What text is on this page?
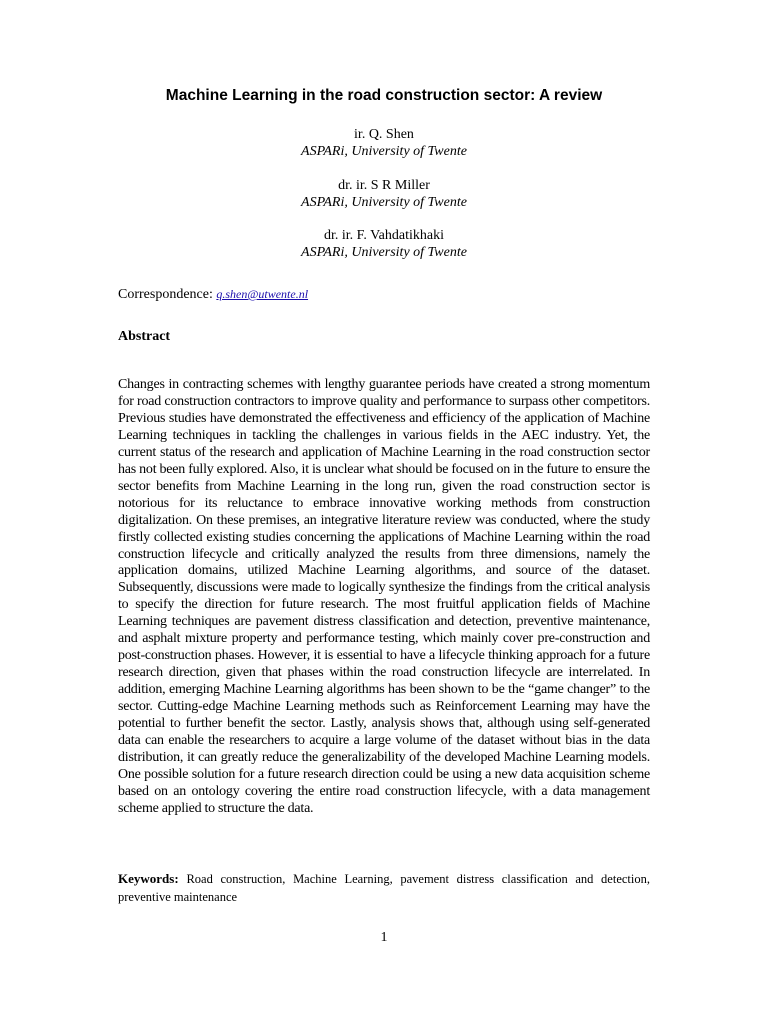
Machine Learning in the road construction sector: A review
ir. Q. Shen
ASPARi, University of Twente
dr. ir. S R Miller
ASPARi, University of Twente
dr. ir. F. Vahdatikhaki
ASPARi, University of Twente
Correspondence: q.shen@utwente.nl
Abstract

Changes in contracting schemes with lengthy guarantee periods have created a strong momentum for road construction contractors to improve quality and performance to surpass other competitors. Previous studies have demonstrated the effectiveness and efficiency of the application of Machine Learning techniques in tackling the challenges in various fields in the AEC industry. Yet, the current status of the research and application of Machine Learning in the road construction sector has not been fully explored. Also, it is unclear what should be focused on in the future to ensure the sector benefits from Machine Learning in the long run, given the road construction sector is notorious for its reluctance to embrace innovative working methods from construction digitalization. On these premises, an integrative literature review was conducted, where the study firstly collected existing studies concerning the applications of Machine Learning within the road construction lifecycle and critically analyzed the results from three dimensions, namely the application domains, utilized Machine Learning algorithms, and source of the dataset. Subsequently, discussions were made to logically synthesize the findings from the critical analysis to specify the direction for future research. The most fruitful application fields of Machine Learning techniques are pavement distress classification and detection, preventive maintenance, and asphalt mixture property and performance testing, which mainly cover pre-construction and post-construction phases. However, it is essential to have a lifecycle thinking approach for a future research direction, given that phases within the road construction lifecycle are interrelated. In addition, emerging Machine Learning algorithms has been shown to be the “game changer” to the sector. Cutting-edge Machine Learning methods such as Reinforcement Learning may have the potential to further benefit the sector. Lastly, analysis shows that, although using self-generated data can enable the researchers to acquire a large volume of the dataset without bias in the data distribution, it can greatly reduce the generalizability of the developed Machine Learning models. One possible solution for a future research direction could be using a new data acquisition scheme based on an ontology covering the entire road construction lifecycle, with a data management scheme applied to structure the data.

Keywords: Road construction, Machine Learning, pavement distress classification and detection, preventive maintenance
1
